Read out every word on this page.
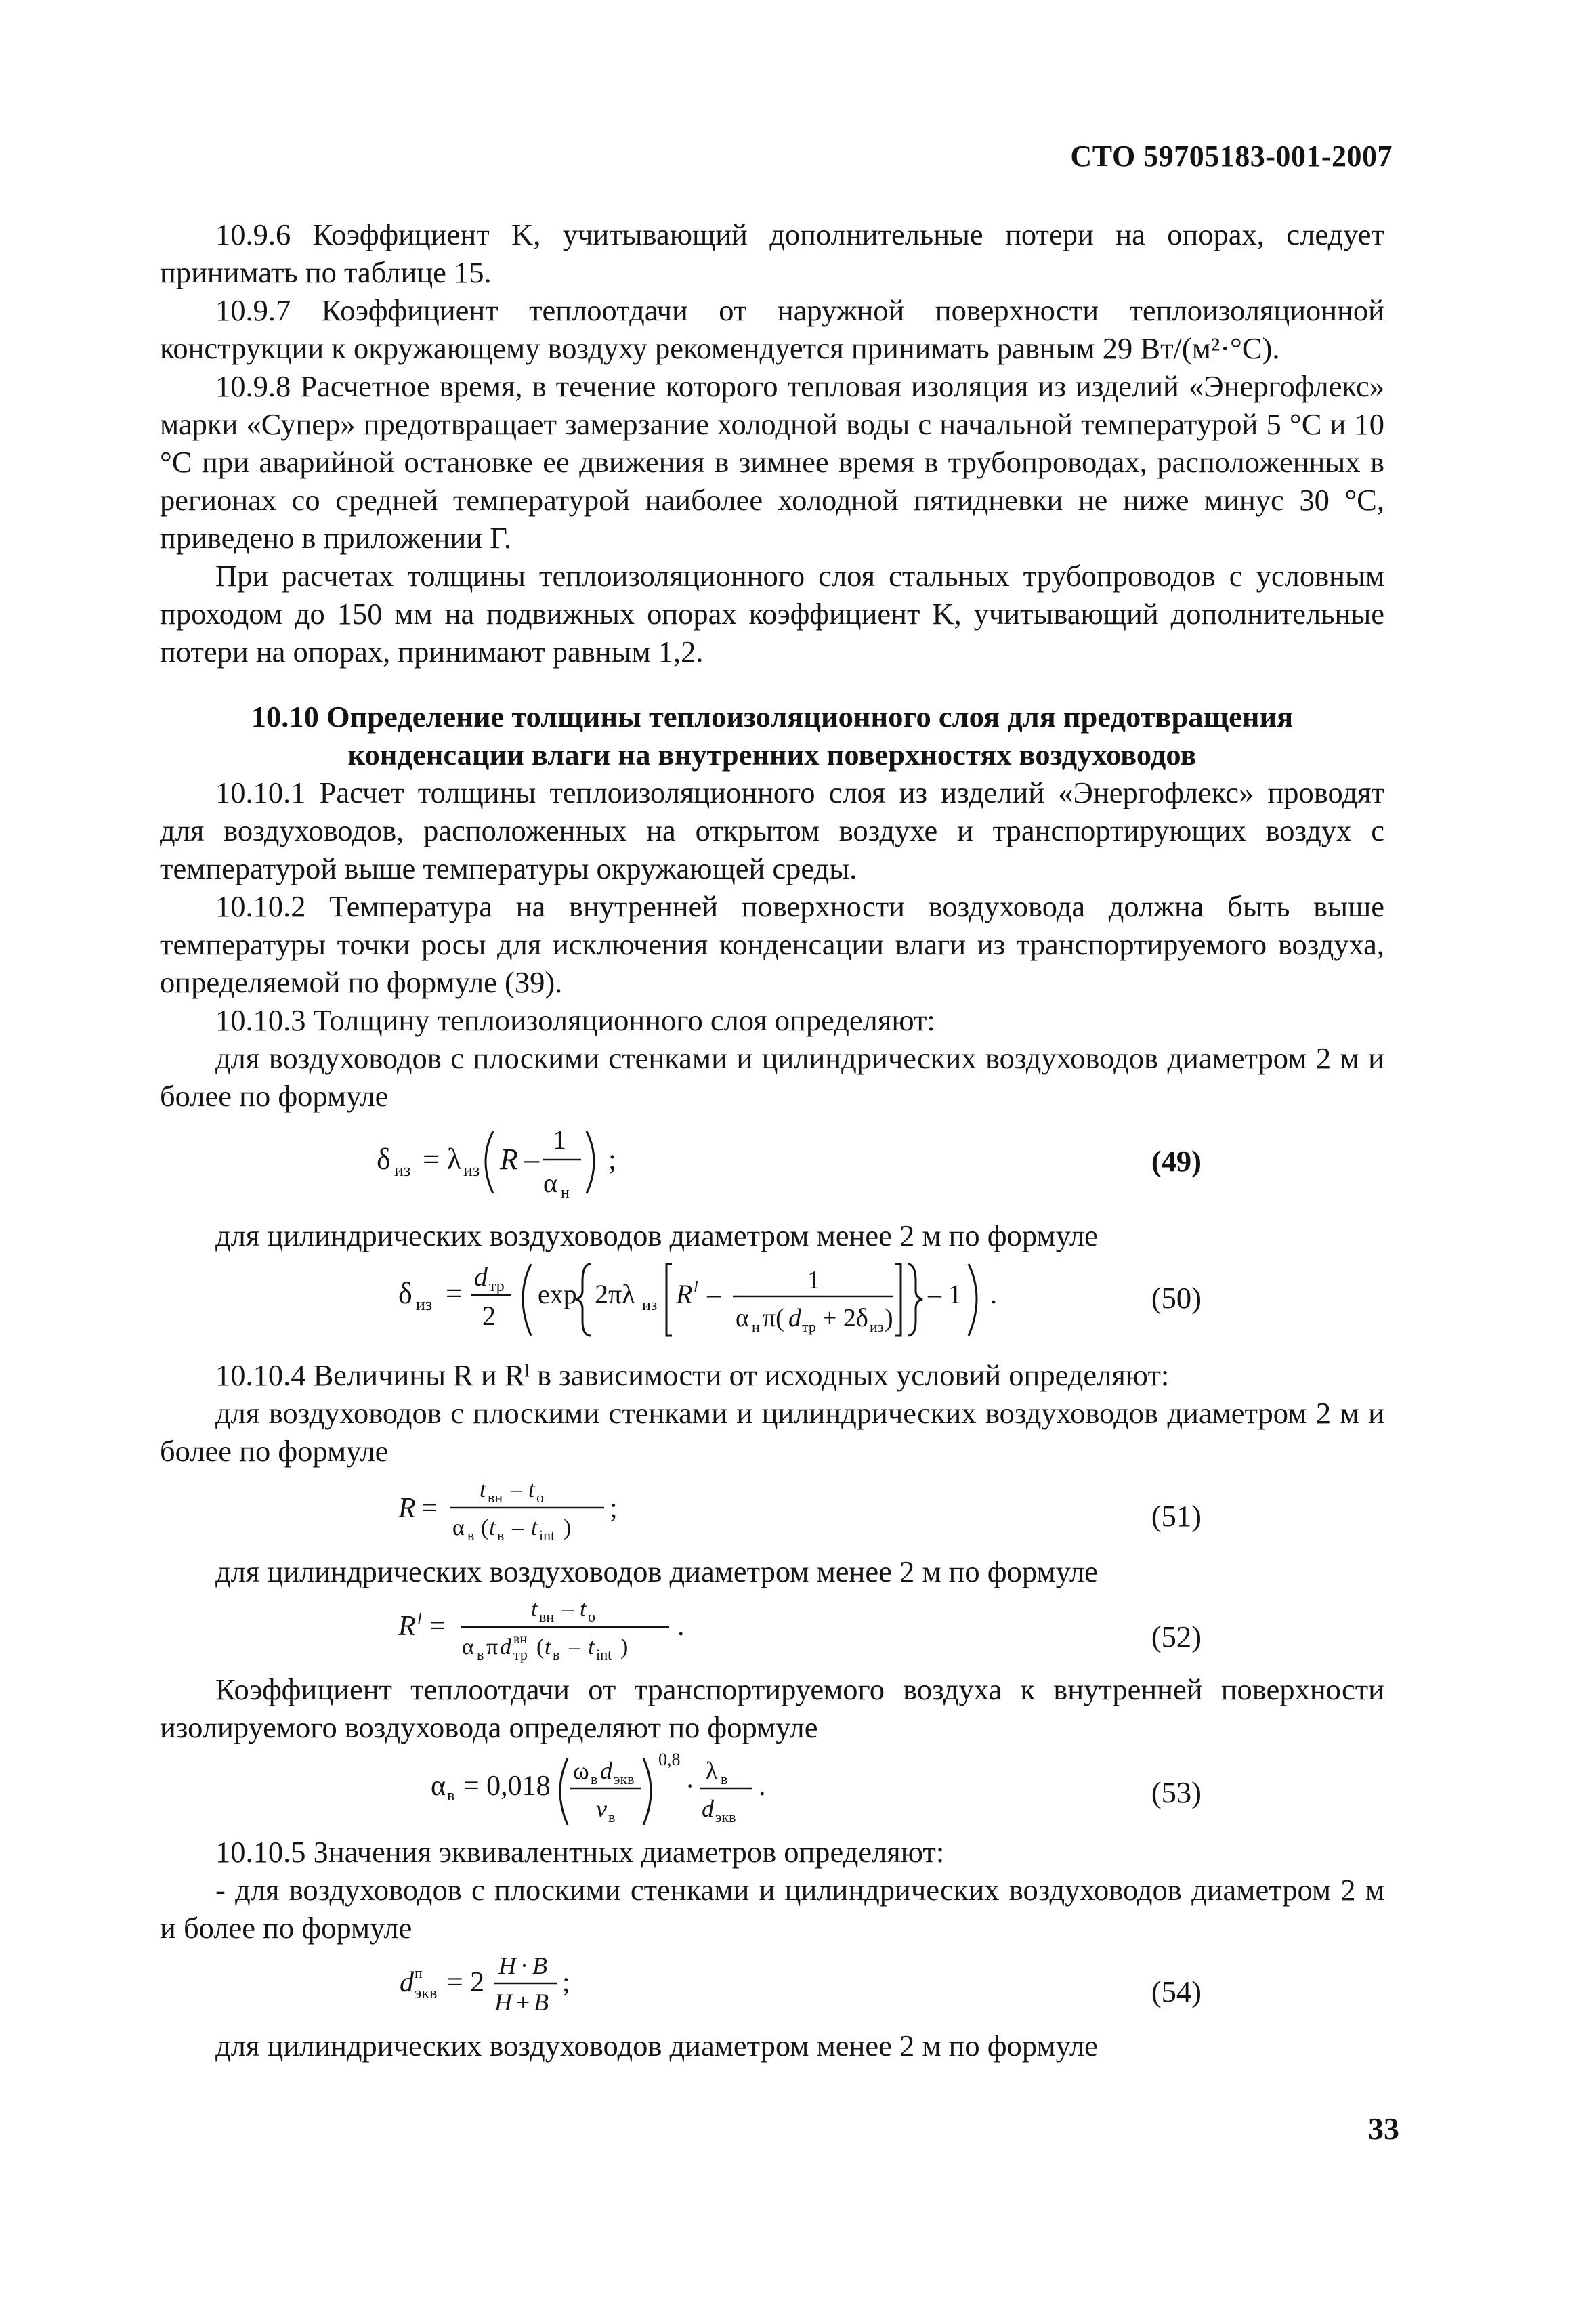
СТО 59705183-001-2007

10.9.6 Коэффициент K, учитывающий дополнительные потери на опорах, следует принимать по таблице 15.

10.9.7 Коэффициент теплоотдачи от наружной поверхности теплоизоляционной конструкции к окружающему воздуху рекомендуется принимать равным 29 Вт/(м²·°С).

10.9.8 Расчетное время, в течение которого тепловая изоляция из изделий «Энергофлекс» марки «Супер» предотвращает замерзание холодной воды с начальной температурой 5 °С и 10 °С при аварийной остановке ее движения в зимнее время в трубопроводах, расположенных в регионах со средней температурой наиболее холодной пятидневки не ниже минус 30 °С, приведено в приложении Г.

При расчетах толщины теплоизоляционного слоя стальных трубопроводов с условным проходом до 150 мм на подвижных опорах коэффициент K, учитывающий дополнительные потери на опорах, принимают равным 1,2.

10.10 Определение толщины теплоизоляционного слоя для предотвращения конденсации влаги на внутренних поверхностях воздуховодов

10.10.1 Расчет толщины теплоизоляционного слоя из изделий «Энергофлекс» проводят для воздуховодов, расположенных на открытом воздухе и транспортирующих воздух с температурой выше температуры окружающей среды.

10.10.2 Температура на внутренней поверхности воздуховода должна быть выше температуры точки росы для исключения конденсации влаги из транспортируемого воздуха, определяемой по формуле (39).

10.10.3 Толщину теплоизоляционного слоя определяют:

для воздуховодов с плоскими стенками и цилиндрических воздуховодов диаметром 2 м и более по формуле

δ из = λ из R –
1
α н
;	(49)

для цилиндрических воздуховодов диаметром менее 2 м по формуле

δ из =
d тр
2
exp 2πλ из R l –	1
α н π( d тр + 2δ из )
– 1 .	(50)

10.10.4 Величины R и Rˡ в зависимости от исходных условий определяют:

для воздуховодов с плоскими стенками и цилиндрических воздуховодов диаметром 2 м и более по формуле

R =
t вн – t o
α в ( t в – t int )
;	(51)

для цилиндрических воздуховодов диаметром менее 2 м по формуле

R l =
t вн – t o
α в π d вн
тр ( t в – t int )
.	(52)

Коэффициент теплоотдачи от транспортируемого воздуха к внутренней поверхности изолируемого воздуховода определяют по формуле

α в = 0,018 ω в d экв
v в
0,8
· λ в
d экв
.	(53)

10.10.5 Значения эквивалентных диаметров определяют:

- для воздуховодов с плоскими стенками и цилиндрических воздуховодов диаметром 2 м и более по формуле

d п
экв = 2
H · B
H + B
;	(54)

для цилиндрических воздуховодов диаметром менее 2 м по формуле

33
